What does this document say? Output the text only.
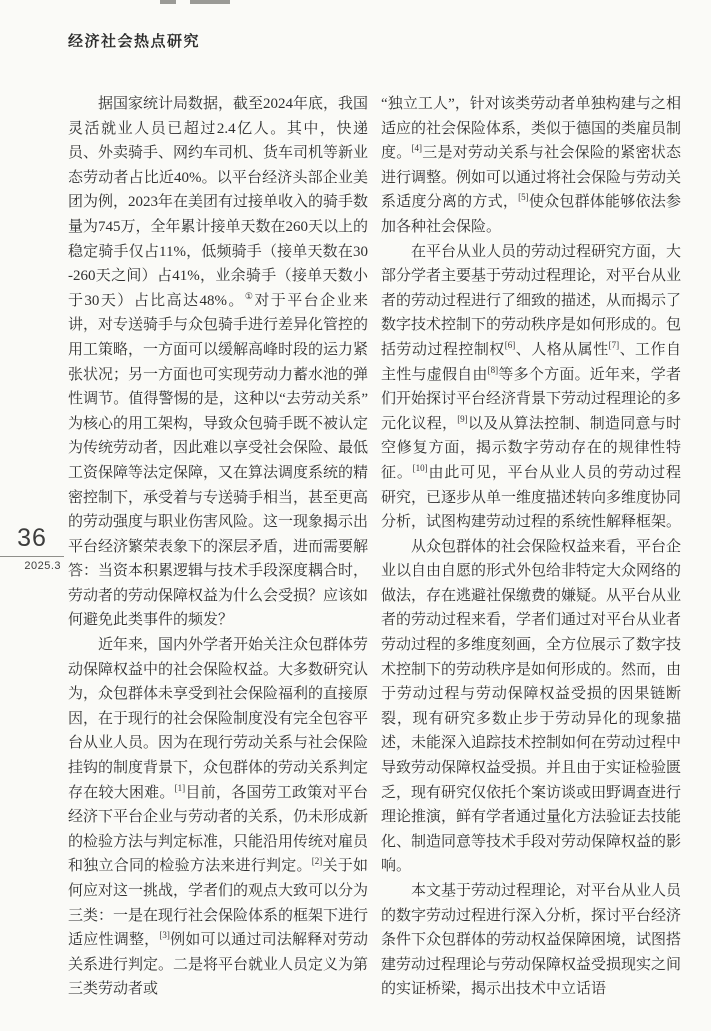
经济社会热点研究
36
2025.3

据国家统计局数据，截至2024年底，我国灵活就业人员已超过2.4亿人。其中，快递员、外卖骑手、网约车司机、货车司机等新业态劳动者占比近40%。以平台经济头部企业美团为例，2023年在美团有过接单收入的骑手数量为745万，全年累计接单天数在260天以上的稳定骑手仅占11%，低频骑手（接单天数在30-260天之间）占41%，业余骑手（接单天数小于30天）占比高达48%。①对于平台企业来讲，对专送骑手与众包骑手进行差异化管控的用工策略，一方面可以缓解高峰时段的运力紧张状况；另一方面也可实现劳动力蓄水池的弹性调节。值得警惕的是，这种以“去劳动关系”为核心的用工架构，导致众包骑手既不被认定为传统劳动者，因此难以享受社会保险、最低工资保障等法定保障，又在算法调度系统的精密控制下，承受着与专送骑手相当，甚至更高的劳动强度与职业伤害风险。这一现象揭示出平台经济繁荣表象下的深层矛盾，进而需要解答：当资本积累逻辑与技术手段深度耦合时，劳动者的劳动保障权益为什么会受损？应该如何避免此类事件的频发？

近年来，国内外学者开始关注众包群体劳动保障权益中的社会保险权益。大多数研究认为，众包群体未享受到社会保险福利的直接原因，在于现行的社会保险制度没有完全包容平台从业人员。因为在现行劳动关系与社会保险挂钩的制度背景下，众包群体的劳动关系判定存在较大困难。[1]目前，各国劳工政策对平台经济下平台企业与劳动者的关系，仍未形成新的检验方法与判定标准，只能沿用传统对雇员和独立合同的检验方法来进行判定。[2]关于如何应对这一挑战，学者们的观点大致可以分为三类：一是在现行社会保险体系的框架下进行适应性调整，[3]例如可以通过司法解释对劳动关系进行判定。二是将平台就业人员定义为第三类劳动者或

“独立工人”，针对该类劳动者单独构建与之相适应的社会保险体系，类似于德国的类雇员制度。[4]三是对劳动关系与社会保险的紧密状态进行调整。例如可以通过将社会保险与劳动关系适度分离的方式，[5]使众包群体能够依法参加各种社会保险。

在平台从业人员的劳动过程研究方面，大部分学者主要基于劳动过程理论，对平台从业者的劳动过程进行了细致的描述，从而揭示了数字技术控制下的劳动秩序是如何形成的。包括劳动过程控制权[6]、人格从属性[7]、工作自主性与虚假自由[8]等多个方面。近年来，学者们开始探讨平台经济背景下劳动过程理论的多元化议程，[9]以及从算法控制、制造同意与时空修复方面，揭示数字劳动存在的规律性特征。[10]由此可见，平台从业人员的劳动过程研究，已逐步从单一维度描述转向多维度协同分析，试图构建劳动过程的系统性解释框架。

从众包群体的社会保险权益来看，平台企业以自由自愿的形式外包给非特定大众网络的做法，存在逃避社保缴费的嫌疑。从平台从业者的劳动过程来看，学者们通过对平台从业者劳动过程的多维度刻画，全方位展示了数字技术控制下的劳动秩序是如何形成的。然而，由于劳动过程与劳动保障权益受损的因果链断裂，现有研究多数止步于劳动异化的现象描述，未能深入追踪技术控制如何在劳动过程中导致劳动保障权益受损。并且由于实证检验匮乏，现有研究仅依托个案访谈或田野调查进行理论推演，鲜有学者通过量化方法验证去技能化、制造同意等技术手段对劳动保障权益的影响。

本文基于劳动过程理论，对平台从业人员的数字劳动过程进行深入分析，探讨平台经济条件下众包群体的劳动权益保障困境，试图搭建劳动过程理论与劳动保障权益受损现实之间的实证桥梁，揭示出技术中立话语
